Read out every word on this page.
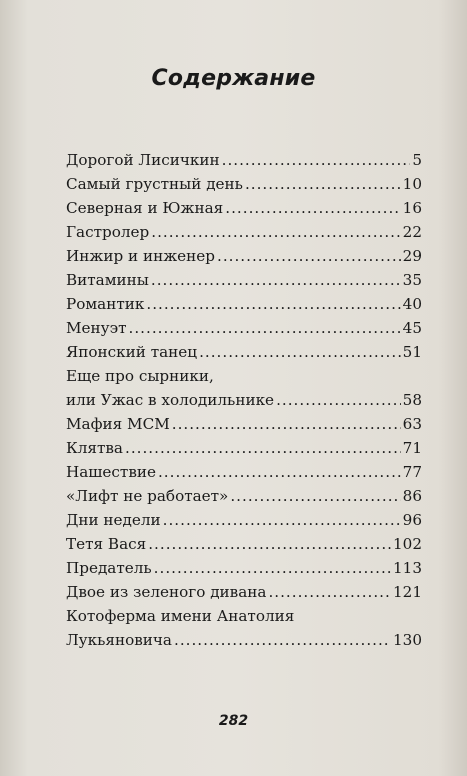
Содержание
Дорогой Лисичкин .....	5
Самый грустный день .....	10
Северная и Южная .....	16
Гастролер .....	22
Инжир и инженер .....	29
Витамины .....	35
Романтик .....	40
Менуэт .....	45
Японский танец .....	51
Еще про сырники,
или Ужас в холодильнике .....	58
Мафия МСМ .....	63
Клятва .....	71
Нашествие .....	77
«Лифт не работает» .....	86
Дни недели .....	96
Тетя Вася .....	102
Предатель .....	113
Двое из зеленого дивана .....	121
Котоферма имени Анатолия
Лукьяновича .....	130
282
